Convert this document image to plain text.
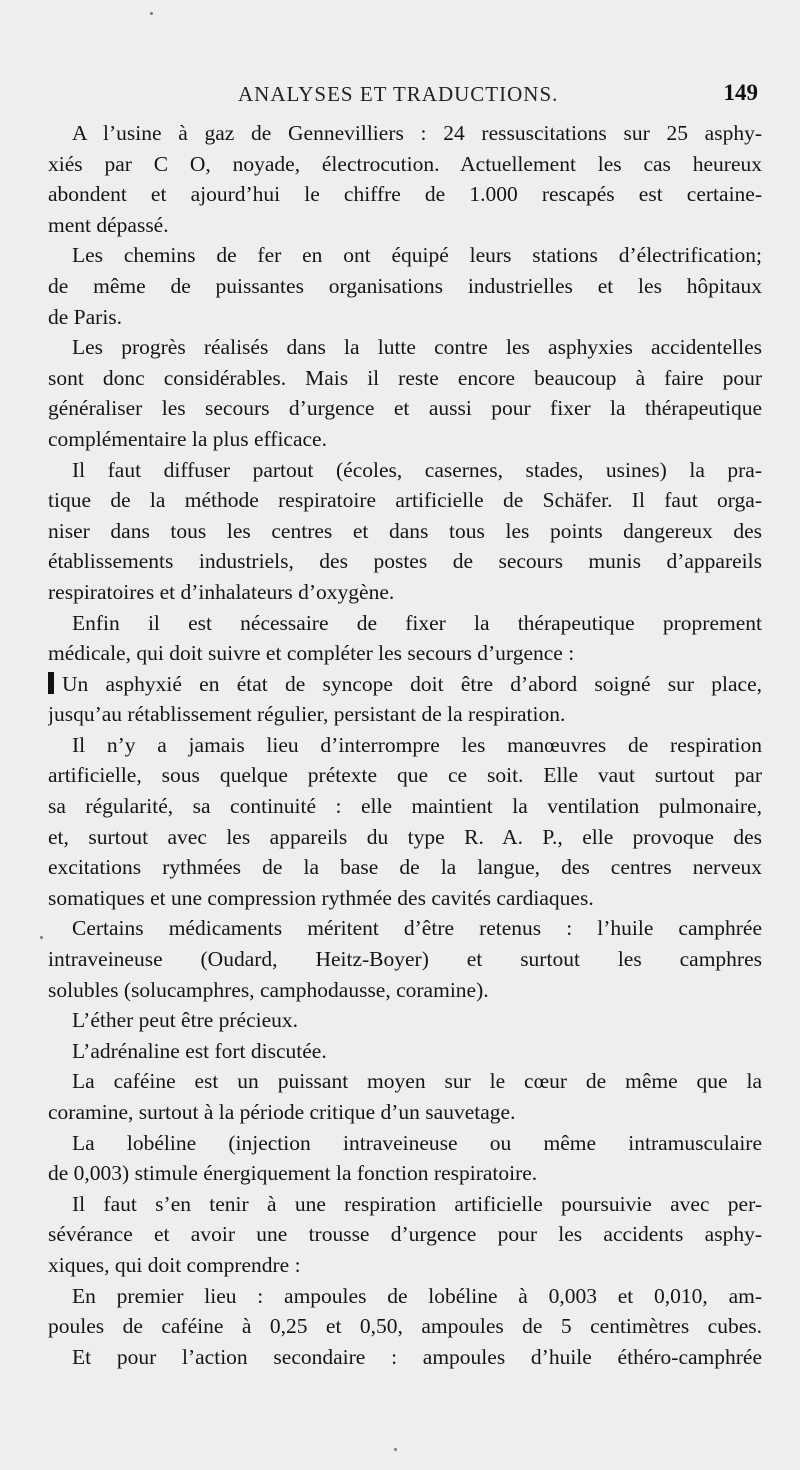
ANALYSES ET TRADUCTIONS.	149
A l’usine à gaz de Gennevilliers : 24 ressuscitations sur 25 asphy-
xiés par C O, noyade, électrocution. Actuellement les cas heureux
abondent et ajourd’hui le chiffre de 1.000 rescapés est certaine-
ment dépassé.
Les chemins de fer en ont équipé leurs stations d’électrification;
de même de puissantes organisations industrielles et les hôpitaux
de Paris.
Les progrès réalisés dans la lutte contre les asphyxies accidentelles
sont donc considérables. Mais il reste encore beaucoup à faire pour
généraliser les secours d’urgence et aussi pour fixer la thérapeutique
complémentaire la plus efficace.
Il faut diffuser partout (écoles, casernes, stades, usines) la pra-
tique de la méthode respiratoire artificielle de Schäfer. Il faut orga-
niser dans tous les centres et dans tous les points dangereux des
établissements industriels, des postes de secours munis d’appareils
respiratoires et d’inhalateurs d’oxygène.
Enfin il est nécessaire de fixer la thérapeutique proprement
médicale, qui doit suivre et compléter les secours d’urgence :
Un asphyxié en état de syncope doit être d’abord soigné sur place,
jusqu’au rétablissement régulier, persistant de la respiration.
Il n’y a jamais lieu d’interrompre les manœuvres de respiration
artificielle, sous quelque prétexte que ce soit. Elle vaut surtout par
sa régularité, sa continuité : elle maintient la ventilation pulmonaire,
et, surtout avec les appareils du type R. A. P., elle provoque des
excitations rythmées de la base de la langue, des centres nerveux
somatiques et une compression rythmée des cavités cardiaques.
Certains médicaments méritent d’être retenus : l’huile camphrée
intraveineuse (Oudard, Heitz-Boyer) et surtout les camphres
solubles (solucamphres, camphodausse, coramine).
L’éther peut être précieux.
L’adrénaline est fort discutée.
La caféine est un puissant moyen sur le cœur de même que la
coramine, surtout à la période critique d’un sauvetage.
La lobéline (injection intraveineuse ou même intramusculaire
de 0,003) stimule énergiquement la fonction respiratoire.
Il faut s’en tenir à une respiration artificielle poursuivie avec per-
sévérance et avoir une trousse d’urgence pour les accidents asphy-
xiques, qui doit comprendre :
En premier lieu : ampoules de lobéline à 0,003 et 0,010, am-
poules de caféine à 0,25 et 0,50, ampoules de 5 centimètres cubes.
Et pour l’action secondaire : ampoules d’huile éthéro-camphrée
